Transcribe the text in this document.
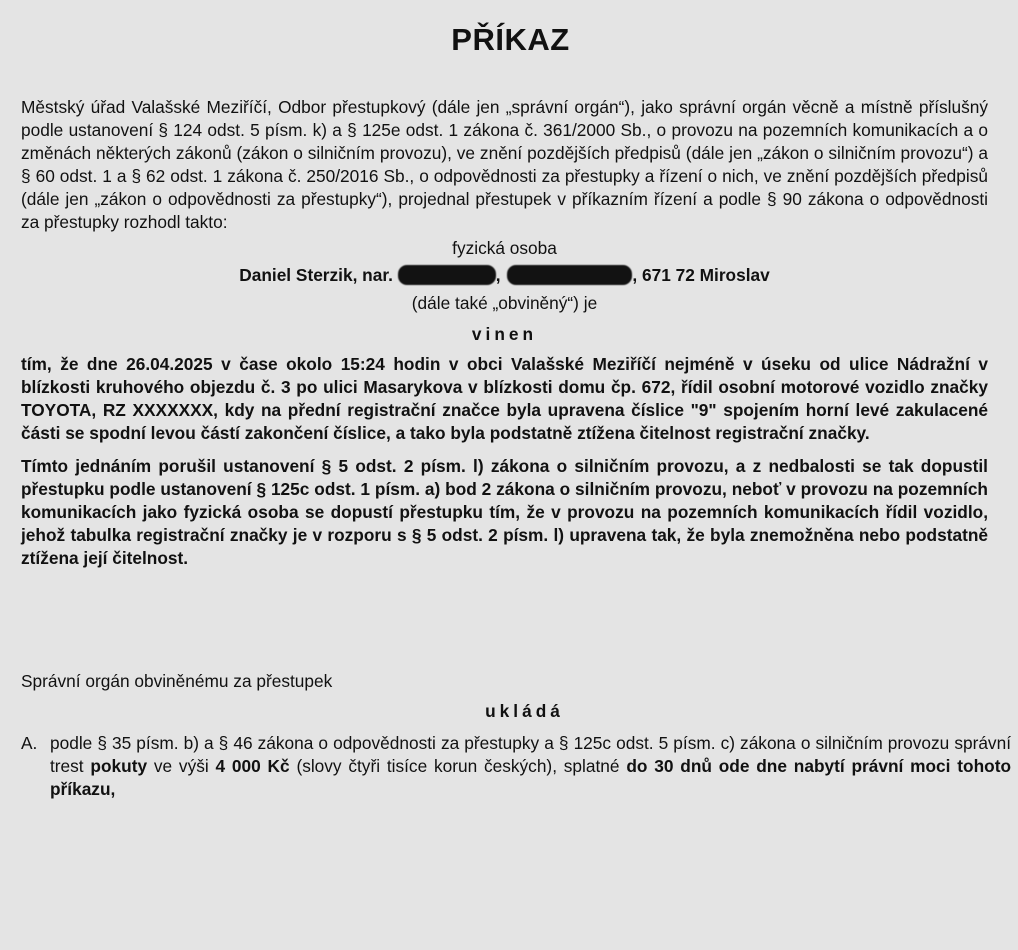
PŘÍKAZ

Městský úřad Valašské Meziříčí, Odbor přestupkový (dále jen „správní orgán“), jako správní orgán věcně a místně příslušný podle ustanovení § 124 odst. 5 písm. k) a § 125e odst. 1 zákona č. 361/2000 Sb., o provozu na pozemních komunikacích a o změnách některých zákonů (zákon o silničním provozu), ve znění pozdějších předpisů (dále jen „zákon o silničním provozu“) a § 60 odst. 1 a § 62 odst. 1 zákona č. 250/2016 Sb., o odpovědnosti za přestupky a řízení o nich, ve znění pozdějších předpisů (dále jen „zákon o odpovědnosti za přestupky“), projednal přestupek v příkazním řízení a podle § 90 zákona o odpovědnosti za přestupky rozhodl takto:

fyzická osoba

Daniel Sterzik, nar.	,	, 671 72 Miroslav

(dále také „obviněný“) je

vinen

tím, že dne 26.04.2025 v čase okolo 15:24 hodin v obci Valašské Meziříčí nejméně v úseku od ulice Nádražní v blízkosti kruhového objezdu č. 3 po ulici Masarykova v blízkosti domu čp. 672, řídil osobní motorové vozidlo značky TOYOTA, RZ XXXXXXX, kdy na přední registrační značce byla upravena číslice "9" spojením horní levé zakulacené části se spodní levou částí zakončení číslice, a tako byla podstatně ztížena čitelnost registrační značky.

Tímto jednáním porušil ustanovení § 5 odst. 2 písm. l) zákona o silničním provozu, a z nedbalosti se tak dopustil přestupku podle ustanovení § 125c odst. 1 písm. a) bod 2 zákona o silničním provozu, neboť v provozu na pozemních komunikacích jako fyzická osoba se dopustí přestupku tím, že v provozu na pozemních komunikacích řídil vozidlo, jehož tabulka registrační značky je v rozporu s § 5 odst. 2 písm. l) upravena tak, že byla znemožněna nebo podstatně ztížena její čitelnost.

Správní orgán obviněnému za přestupek

ukládá

A. podle § 35 písm. b) a § 46 zákona o odpovědnosti za přestupky a § 125c odst. 5 písm. c) zákona o silničním provozu správní trest pokuty ve výši 4 000 Kč (slovy čtyři tisíce korun českých), splatné do 30 dnů ode dne nabytí právní moci tohoto příkazu,
